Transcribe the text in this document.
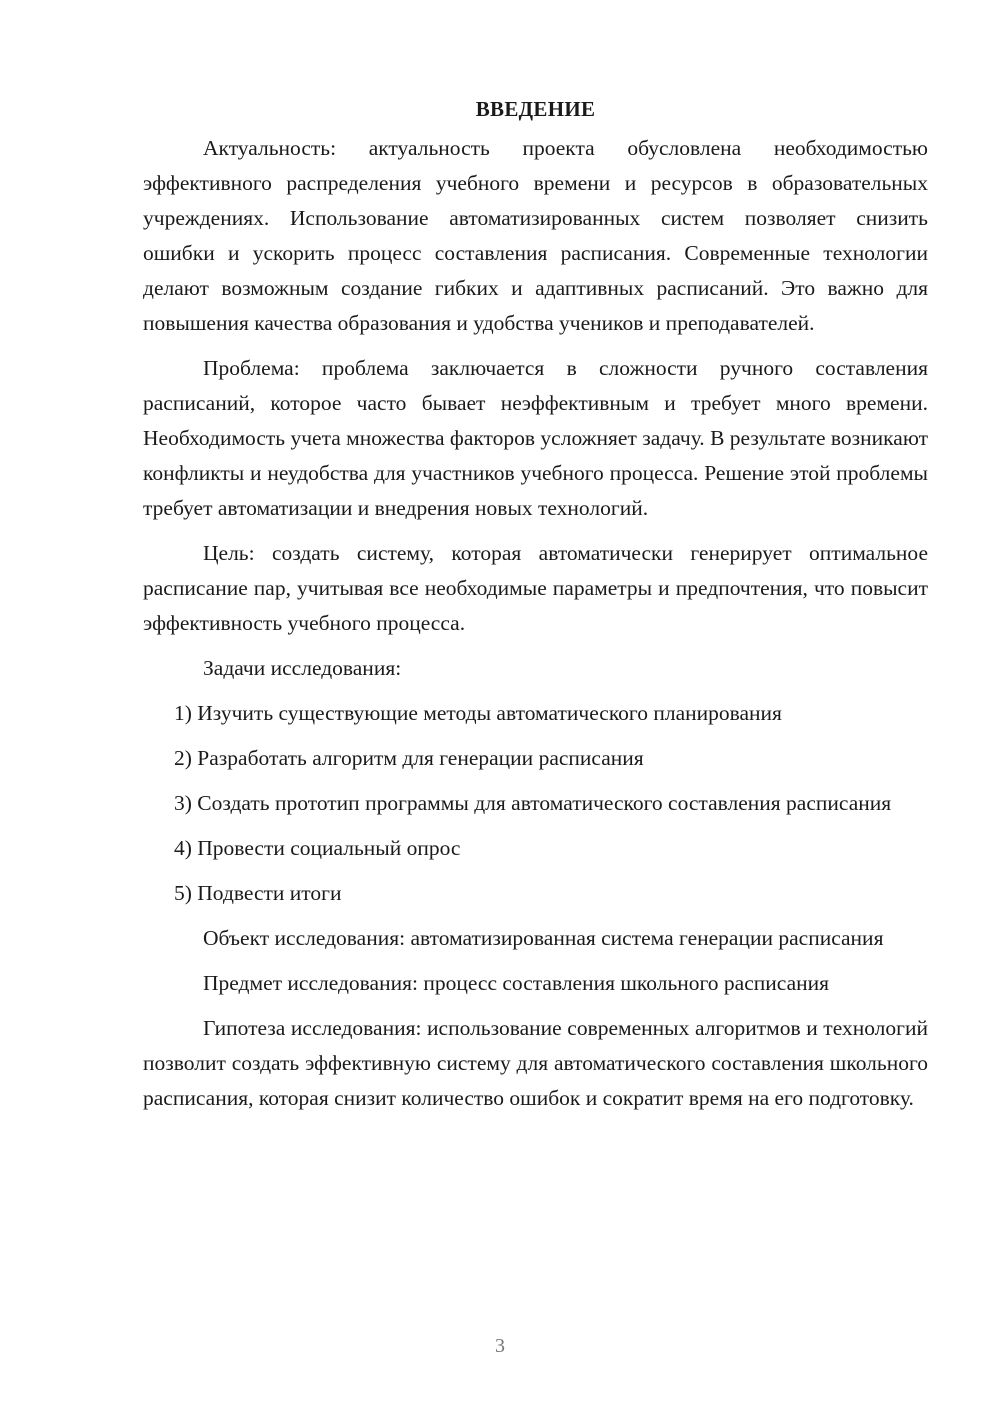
ВВЕДЕНИЕ

Актуальность: актуальность проекта обусловлена необходимостью эффективного распределения учебного времени и ресурсов в образовательных учреждениях. Использование автоматизированных систем позволяет снизить ошибки и ускорить процесс составления расписания. Современные технологии делают возможным создание гибких и адаптивных расписаний. Это важно для повышения качества образования и удобства учеников и преподавателей.

Проблема: проблема заключается в сложности ручного составления расписаний, которое часто бывает неэффективным и требует много времени. Необходимость учета множества факторов усложняет задачу. В результате возникают конфликты и неудобства для участников учебного процесса. Решение этой проблемы требует автоматизации и внедрения новых технологий.

Цель: создать систему, которая автоматически генерирует оптимальное расписание пар, учитывая все необходимые параметры и предпочтения, что повысит эффективность учебного процесса.

Задачи исследования:

1) Изучить существующие методы автоматического планирования

2) Разработать алгоритм для генерации расписания

3) Создать прототип программы для автоматического составления расписания

4) Провести социальный опрос

5) Подвести итоги

Объект исследования: автоматизированная система генерации расписания

Предмет исследования: процесс составления школьного расписания

Гипотеза исследования: использование современных алгоритмов и технологий позволит создать эффективную систему для автоматического составления школьного расписания, которая снизит количество ошибок и сократит время на его подготовку.

3
